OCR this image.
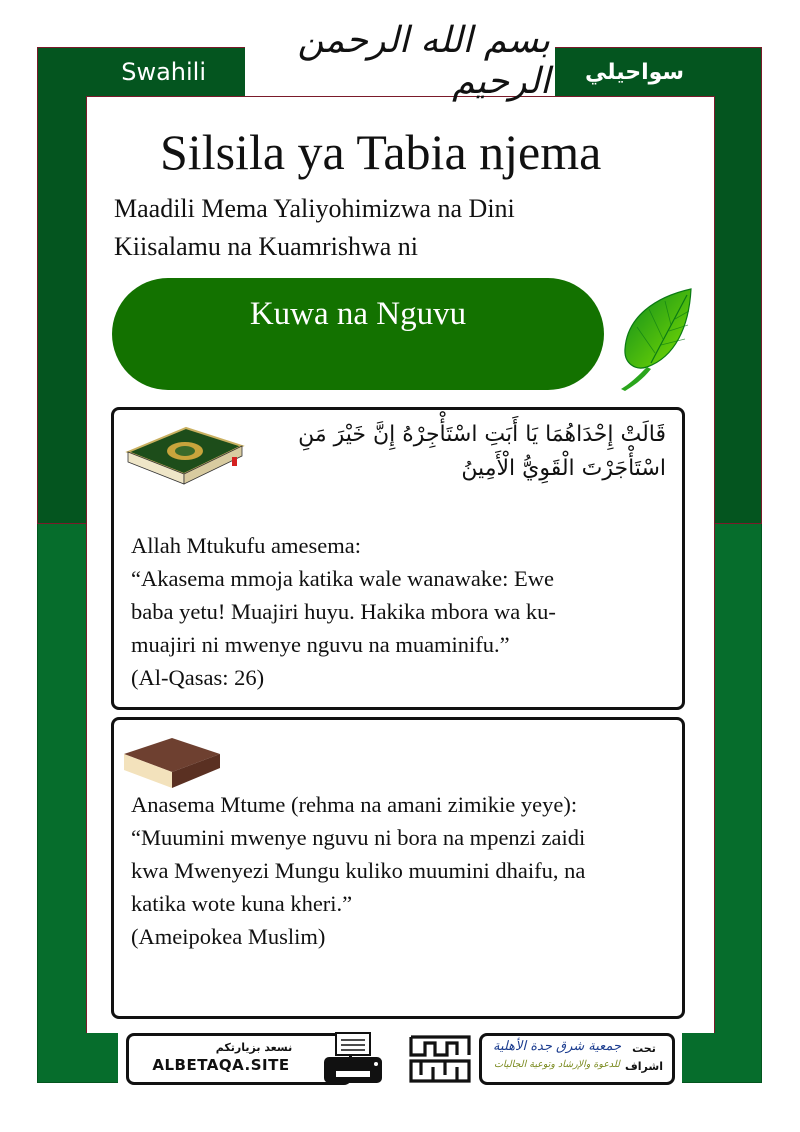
Swahili	سواحيلي
بسم الله الرحمن الرحيم
Silsila ya Tabia njema
Maadili Mema Yaliyohimizwa na Dini
Kiisalamu na Kuamrishwa ni
Kuwa na Nguvu
قَالَتْ إِحْدَاهُمَا يَا أَبَتِ اسْتَأْجِرْهُ إِنَّ خَيْرَ مَنِ
اسْتَأْجَرْتَ الْقَوِيُّ الْأَمِينُ
Allah Mtukufu amesema:
“Akasema mmoja katika wale wanawake: Ewe
baba yetu! Muajiri huyu. Hakika mbora wa ku-
muajiri ni mwenye nguvu na muaminifu.”
(Al-Qasas: 26)
Anasema Mtume (rehma na amani zimikie yeye):
“Muumini mwenye nguvu ni bora na mpenzi zaidi
kwa Mwenyezi Mungu kuliko muumini dhaifu, na
katika wote kuna kheri.”
(Ameipokea Muslim)
نسعد بزيارتكم
ALBETAQA.SITE
دعوة ورقة
جمعية شرق جدة الأهلية
للدعوة والإرشاد وتوعية الجاليات
تحت
اشراف
